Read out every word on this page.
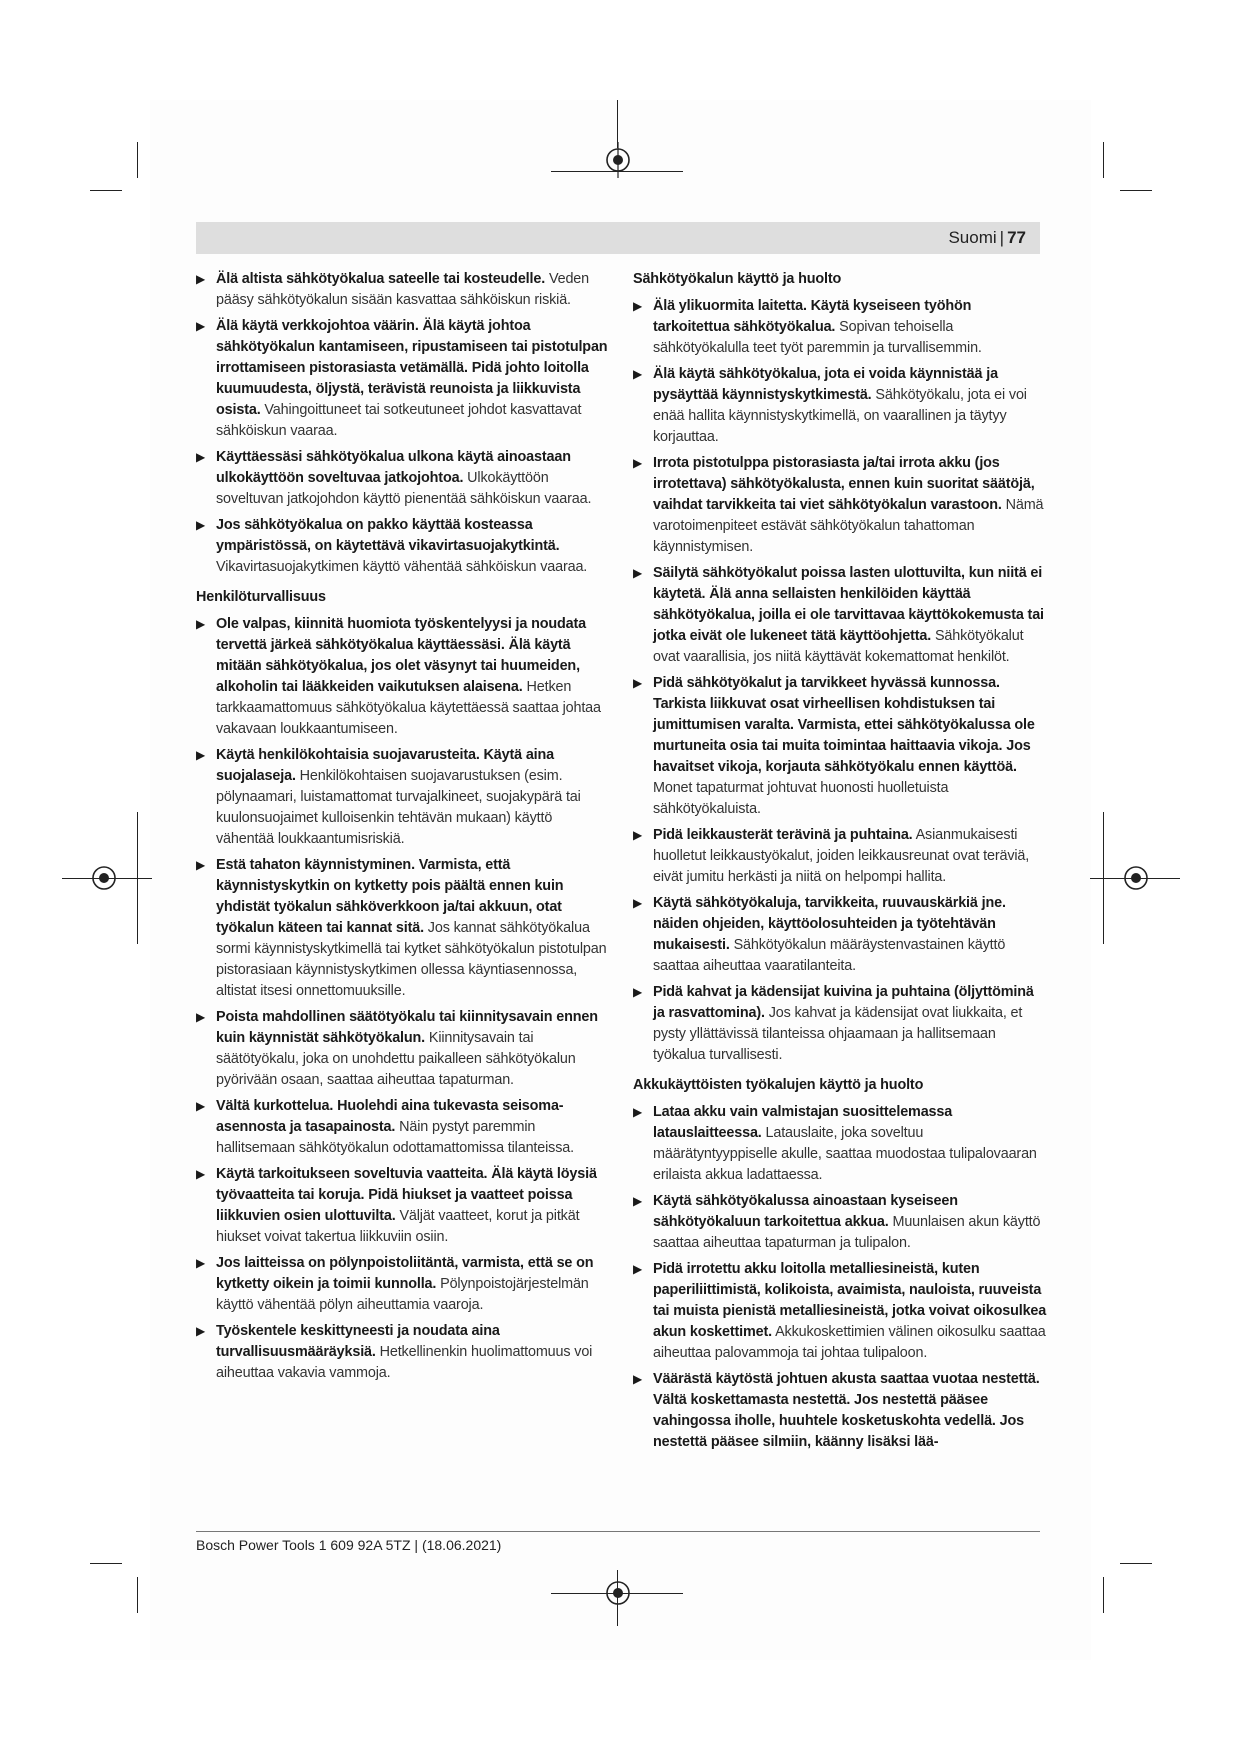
Suomi | 77
▶ Älä altista sähkötyökalua sateelle tai kosteudelle. Veden pääsy sähkötyökalun sisään kasvattaa sähköiskun riskiä.
▶ Älä käytä verkkojohtoa väärin. Älä käytä johtoa sähkötyökalun kantamiseen, ripustamiseen tai pistotulpan irrottamiseen pistorasiasta vetämällä. Pidä johto loitolla kuumuudesta, öljystä, terävistä reunoista ja liikkuvista osista. Vahingoittuneet tai sotkeutuneet johdot kasvattavat sähköiskun vaaraa.
▶ Käyttäessäsi sähkötyökalua ulkona käytä ainoastaan ulkokäyttöön soveltuvaa jatkojohtoa. Ulkokäyttöön soveltuvan jatkojohdon käyttö pienentää sähköiskun vaaraa.
▶ Jos sähkötyökalua on pakko käyttää kosteassa ympäristössä, on käytettävä vikavirtasuojakytkintä. Vikavirtasuojakytkimen käyttö vähentää sähköiskun vaaraa.
Henkilöturvallisuus
▶ Ole valpas, kiinnitä huomiota työskentelyysi ja noudata tervettä järkeä sähkötyökalua käyttäessäsi. Älä käytä mitään sähkötyökalua, jos olet väsynyt tai huumeiden, alkoholin tai lääkkeiden vaikutuksen alaisena. Hetken tarkkaamattomuus sähkötyökalua käytettäessä saattaa johtaa vakavaan loukkaantumiseen.
▶ Käytä henkilökohtaisia suojavarusteita. Käytä aina suojalaseja. Henkilökohtaisen suojavarustuksen (esim. pölynaamari, luistamattomat turvajalkineet, suojakypärä tai kuulonsuojaimet kulloisenkin tehtävän mukaan) käyttö vähentää loukkaantumisriskiä.
▶ Estä tahaton käynnistyminen. Varmista, että käynnistyskytkin on kytketty pois päältä ennen kuin yhdistät työkalun sähköverkkoon ja/tai akkuun, otat työkalun käteen tai kannat sitä. Jos kannat sähkötyökalua sormi käynnistyskytkimellä tai kytket sähkötyökalun pistotulpan pistorasiaan käynnistyskytkimen ollessa käyntiasennossa, altistat itsesi onnettomuuksille.
▶ Poista mahdollinen säätötyökalu tai kiinnitysavain ennen kuin käynnistät sähkötyökalun. Kiinnitysavain tai säätötyökalu, joka on unohdettu paikalleen sähkötyökalun pyörivään osaan, saattaa aiheuttaa tapaturman.
▶ Vältä kurkottelua. Huolehdi aina tukevasta seisoma-asennosta ja tasapainosta. Näin pystyt paremmin hallitsemaan sähkötyökalun odottamattomissa tilanteissa.
▶ Käytä tarkoitukseen soveltuvia vaatteita. Älä käytä löysiä työvaatteita tai koruja. Pidä hiukset ja vaatteet poissa liikkuvien osien ulottuvilta. Väljät vaatteet, korut ja pitkät hiukset voivat takertua liikkuviin osiin.
▶ Jos laitteissa on pölynpoistoliitäntä, varmista, että se on kytketty oikein ja toimii kunnolla. Pölynpoistojärjestelmän käyttö vähentää pölyn aiheuttamia vaaroja.
▶ Työskentele keskittyneesti ja noudata aina turvallisuusmääräyksiä. Hetkellinenkin huolimattomuus voi aiheuttaa vakavia vammoja.
Sähkötyökalun käyttö ja huolto
▶ Älä ylikuormita laitetta. Käytä kyseiseen työhön tarkoitettua sähkötyökalua. Sopivan tehoisella sähkötyökalulla teet työt paremmin ja turvallisemmin.
▶ Älä käytä sähkötyökalua, jota ei voida käynnistää ja pysäyttää käynnistyskytkimestä. Sähkötyökalu, jota ei voi enää hallita käynnistyskytkimellä, on vaarallinen ja täytyy korjauttaa.
▶ Irrota pistotulppa pistorasiasta ja/tai irrota akku (jos irrotettava) sähkötyökalusta, ennen kuin suoritat säätöjä, vaihdat tarvikkeita tai viet sähkötyökalun varastoon. Nämä varotoimenpiteet estävät sähkötyökalun tahattoman käynnistymisen.
▶ Säilytä sähkötyökalut poissa lasten ulottuvilta, kun niitä ei käytetä. Älä anna sellaisten henkilöiden käyttää sähkötyökalua, joilla ei ole tarvittavaa käyttökokemusta tai jotka eivät ole lukeneet tätä käyttöohjetta. Sähkötyökalut ovat vaarallisia, jos niitä käyttävät kokemattomat henkilöt.
▶ Pidä sähkötyökalut ja tarvikkeet hyvässä kunnossa. Tarkista liikkuvat osat virheellisen kohdistuksen tai jumittumisen varalta. Varmista, ettei sähkötyökalussa ole murtuneita osia tai muita toimintaa haittaavia vikoja. Jos havaitset vikoja, korjauta sähkötyökalu ennen käyttöä. Monet tapaturmat johtuvat huonosti huolletuista sähkötyökaluista.
▶ Pidä leikkausterät terävinä ja puhtaina. Asianmukaisesti huolletut leikkaustyökalut, joiden leikkausreunat ovat teräviä, eivät jumitu herkästi ja niitä on helpompi hallita.
▶ Käytä sähkötyökaluja, tarvikkeita, ruuvauskärkiä jne. näiden ohjeiden, käyttöolosuhteiden ja työtehtävän mukaisesti. Sähkötyökalun määräystenvastainen käyttö saattaa aiheuttaa vaaratilanteita.
▶ Pidä kahvat ja kädensijat kuivina ja puhtaina (öljyttöminä ja rasvattomina). Jos kahvat ja kädensijat ovat liukkaita, et pysty yllättävissä tilanteissa ohjaamaan ja hallitsemaan työkalua turvallisesti.
Akkukäyttöisten työkalujen käyttö ja huolto
▶ Lataa akku vain valmistajan suosittelemassa latauslaitteessa. Latauslaite, joka soveltuu määrätyntyyppiselle akulle, saattaa muodostaa tulipalovaaran erilaista akkua ladattaessa.
▶ Käytä sähkötyökalussa ainoastaan kyseiseen sähkötyökaluun tarkoitettua akkua. Muunlaisen akun käyttö saattaa aiheuttaa tapaturman ja tulipalon.
▶ Pidä irrotettu akku loitolla metalliesineistä, kuten paperiliittimistä, kolikoista, avaimista, nauloista, ruuveista tai muista pienistä metalliesineistä, jotka voivat oikosulkea akun koskettimet. Akkukoskettimien välinen oikosulku saattaa aiheuttaa palovammoja tai johtaa tulipaloon.
▶ Väärästä käytöstä johtuen akusta saattaa vuotaa nestettä. Vältä koskettamasta nestettä. Jos nestettä pääsee vahingossa iholle, huuhtele kosketuskohta vedellä. Jos nestettä pääsee silmiin, käänny lisäksi lää-
Bosch Power Tools 1 609 92A 5TZ | (18.06.2021)
